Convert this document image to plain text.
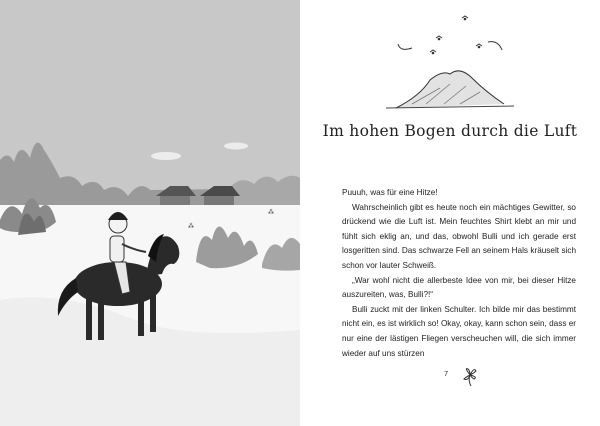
⁂
⁂
Im hohen Bogen durch die Luft

Puuuh, was für eine Hitze!

Wahrscheinlich gibt es heute noch ein mächtiges Gewitter, so drückend wie die Luft ist. Mein feuchtes Shirt klebt an mir und fühlt sich eklig an, und das, obwohl Bulli und ich gerade erst losgeritten sind. Das schwarze Fell an seinem Hals kräuselt sich schon vor lauter Schweiß.

„War wohl nicht die allerbeste Idee von mir, bei dieser Hitze auszureiten, was, Bulli?!“

Bulli zuckt mit der linken Schulter. Ich bilde mir das bestimmt nicht ein, es ist wirklich so! Okay, okay, kann schon sein, dass er nur eine der lästigen Fliegen verscheuchen will, die sich immer wieder auf uns stürzen

7
